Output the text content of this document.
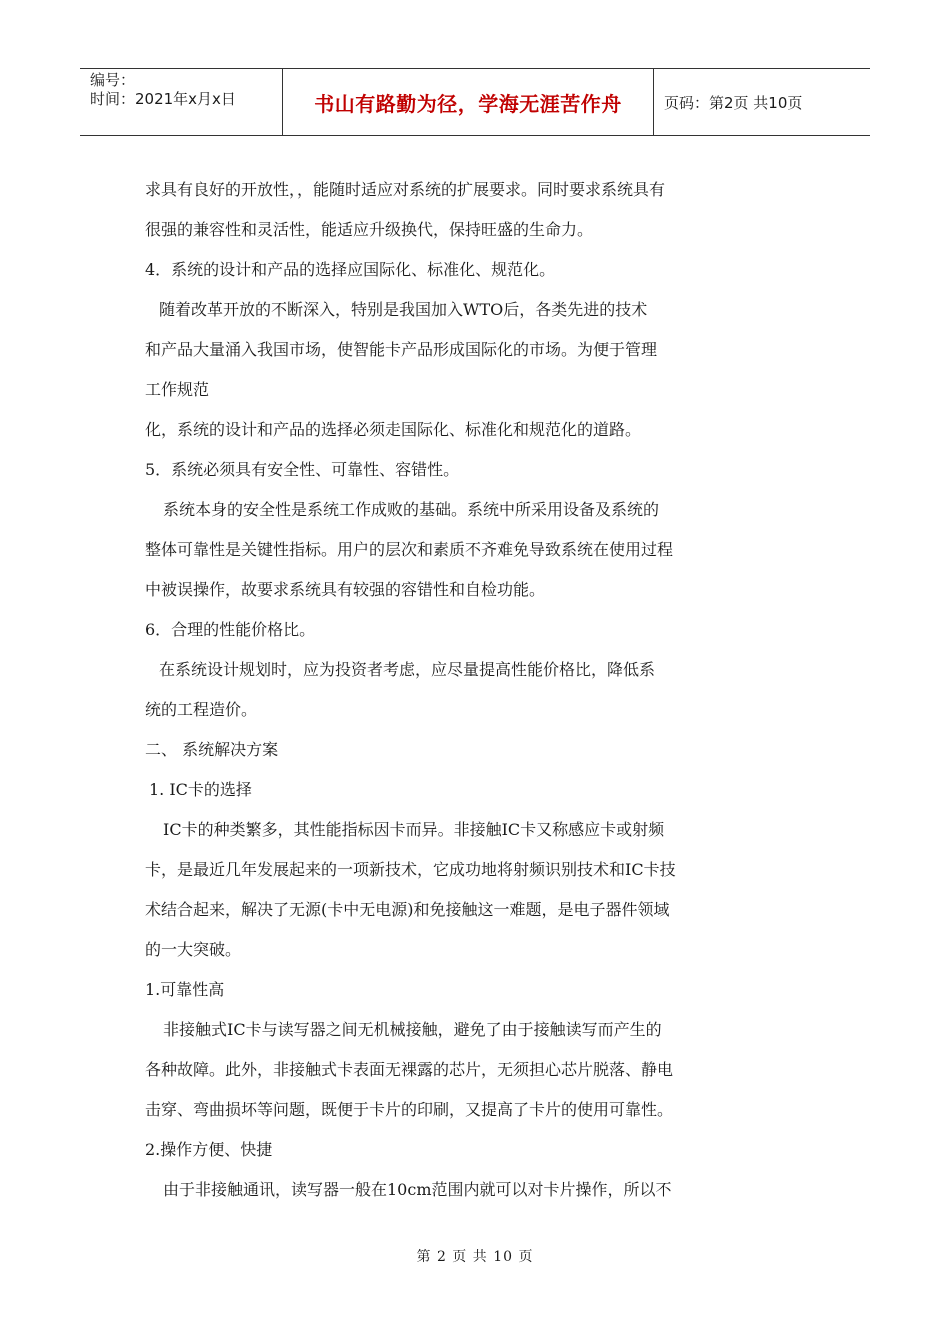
编号：
时间：2021年x月x日	书山有路勤为径，学海无涯苦作舟	页码：第2页 共10页
求具有良好的开放性，，能随时适应对系统的扩展要求。同时要求系统具有
很强的兼容性和灵活性，能适应升级换代，保持旺盛的生命力。
4．系统的设计和产品的选择应国际化、标准化、规范化。
随着改革开放的不断深入，特别是我国加入WTO后，各类先进的技术
和产品大量涌入我国市场，使智能卡产品形成国际化的市场。为便于管理
工作规范
化，系统的设计和产品的选择必须走国际化、标准化和规范化的道路。
5．系统必须具有安全性、可靠性、容错性。
系统本身的安全性是系统工作成败的基础。系统中所采用设备及系统的
整体可靠性是关键性指标。用户的层次和素质不齐难免导致系统在使用过程
中被误操作，故要求系统具有较强的容错性和自检功能。
6．合理的性能价格比。
在系统设计规划时，应为投资者考虑，应尽量提高性能价格比，降低系
统的工程造价。
二、 系统解决方案
1. IC卡的选择
IC卡的种类繁多，其性能指标因卡而异。非接触IC卡又称感应卡或射频
卡，是最近几年发展起来的一项新技术，它成功地将射频识别技术和IC卡技
术结合起来，解决了无源(卡中无电源)和免接触这一难题，是电子器件领域
的一大突破。
1.可靠性高
非接触式IC卡与读写器之间无机械接触，避免了由于接触读写而产生的
各种故障。此外，非接触式卡表面无裸露的芯片，无须担心芯片脱落、静电
击穿、弯曲损坏等问题，既便于卡片的印刷，又提高了卡片的使用可靠性。
2.操作方便、快捷
由于非接触通讯，读写器一般在10cm范围内就可以对卡片操作，所以不
第 2 页 共 10 页
